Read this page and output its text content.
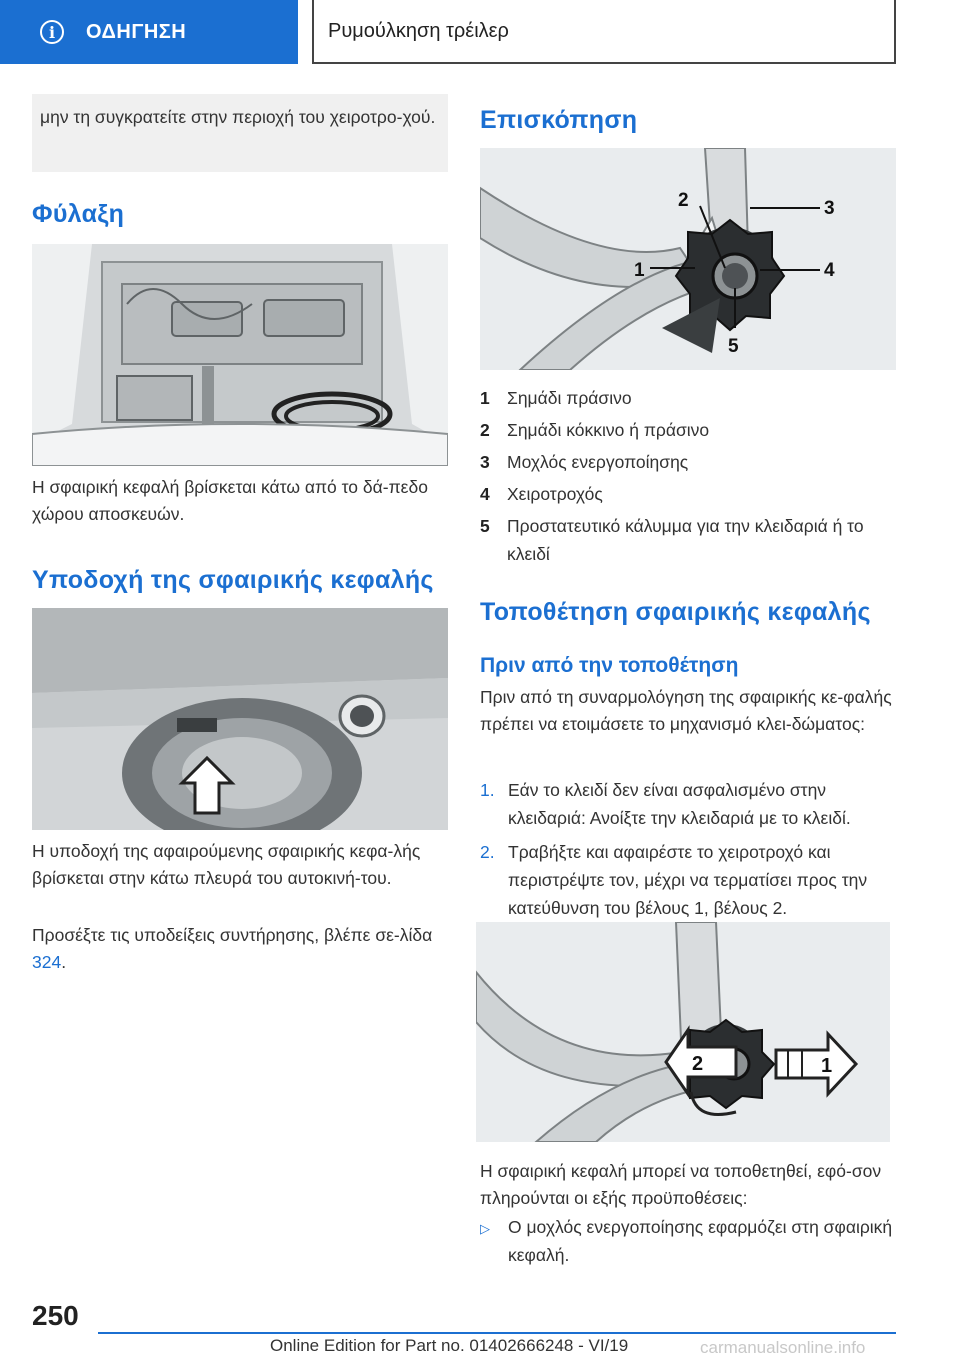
i	ΟΔΗΓΗΣΗ	Ρυμούλκηση τρέιλερ
μην τη συγκρατείτε στην περιοχή του χειροτρο-χού.
Φύλαξη
Η σφαιρική κεφαλή βρίσκεται κάτω από το δά-πεδο χώρου αποσκευών.
Υποδοχή της σφαιρικής κεφαλής
Η υποδοχή της αφαιρούμενης σφαιρικής κεφα-λής βρίσκεται στην κάτω πλευρά του αυτοκινή-του.
Προσέξτε τις υποδείξεις συντήρησης, βλέπε σε-λίδα 324.
Επισκόπηση
2	3
4
1
5
1 Σημάδι πράσινο
2 Σημάδι κόκκινο ή πράσινο
3 Μοχλός ενεργοποίησης
4 Χειροτροχός
5 Προστατευτικό κάλυμμα για την κλειδαριά ή το κλειδί
Τοποθέτηση σφαιρικής κεφαλής
Πριν από την τοποθέτηση
Πριν από τη συναρμολόγηση της σφαιρικής κε-φαλής πρέπει να ετοιμάσετε το μηχανισμό κλει-δώματος:
1. Εάν το κλειδί δεν είναι ασφαλισμένο στην κλειδαριά: Ανοίξτε την κλειδαριά με το κλειδί.
2. Τραβήξτε και αφαιρέστε το χειροτροχό και περιστρέψτε τον, μέχρι να τερματίσει προς την κατεύθυνση του βέλους 1, βέλους 2.
2	1
Η σφαιρική κεφαλή μπορεί να τοποθετηθεί, εφό-σον πληρούνται οι εξής προϋποθέσεις:
▷	Ο μοχλός ενεργοποίησης εφαρμόζει στη σφαιρική κεφαλή.
250
Online Edition for Part no. 01402666248 - VI/19	carmanualsonline.info
